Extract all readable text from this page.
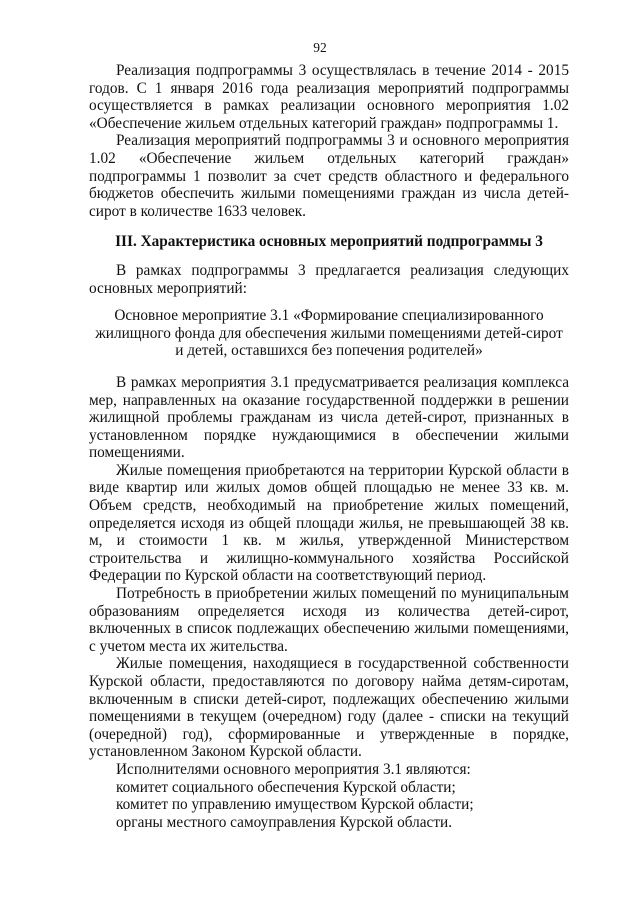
92

Реализация подпрограммы 3 осуществлялась в течение 2014 - 2015 годов. С 1 января 2016 года реализация мероприятий подпрограммы осуществляется в рамках реализации основного мероприятия 1.02 «Обеспечение жильем отдельных категорий граждан» подпрограммы 1.

Реализация мероприятий подпрограммы 3 и основного мероприятия 1.02 «Обеспечение жильем отдельных категорий граждан» подпрограммы 1 позволит за счет средств областного и федерального бюджетов обеспечить жилыми помещениями граждан из числа детей-сирот в количестве 1633 человек.

III. Характеристика основных мероприятий подпрограммы 3

В рамках подпрограммы 3 предлагается реализация следующих основных мероприятий:

Основное мероприятие 3.1 «Формирование специализированного жилищного фонда для обеспечения жилыми помещениями детей-сирот и детей, оставшихся без попечения родителей»

В рамках мероприятия 3.1 предусматривается реализация комплекса мер, направленных на оказание государственной поддержки в решении жилищной проблемы гражданам из числа детей-сирот, признанных в установленном порядке нуждающимися в обеспечении жилыми помещениями.

Жилые помещения приобретаются на территории Курской области в виде квартир или жилых домов общей площадью не менее 33 кв. м. Объем средств, необходимый на приобретение жилых помещений, определяется исходя из общей площади жилья, не превышающей 38 кв. м, и стоимости 1 кв. м жилья, утвержденной Министерством строительства и жилищно-коммунального хозяйства Российской Федерации по Курской области на соответствующий период.

Потребность в приобретении жилых помещений по муниципальным образованиям определяется исходя из количества детей-сирот, включенных в список подлежащих обеспечению жилыми помещениями, с учетом места их жительства.

Жилые помещения, находящиеся в государственной собственности Курской области, предоставляются по договору найма детям-сиротам, включенным в списки детей-сирот, подлежащих обеспечению жилыми помещениями в текущем (очередном) году (далее - списки на текущий (очередной) год), сформированные и утвержденные в порядке, установленном Законом Курской области.

Исполнителями основного мероприятия 3.1 являются:

комитет социального обеспечения Курской области;

комитет по управлению имуществом Курской области;

органы местного самоуправления Курской области.
